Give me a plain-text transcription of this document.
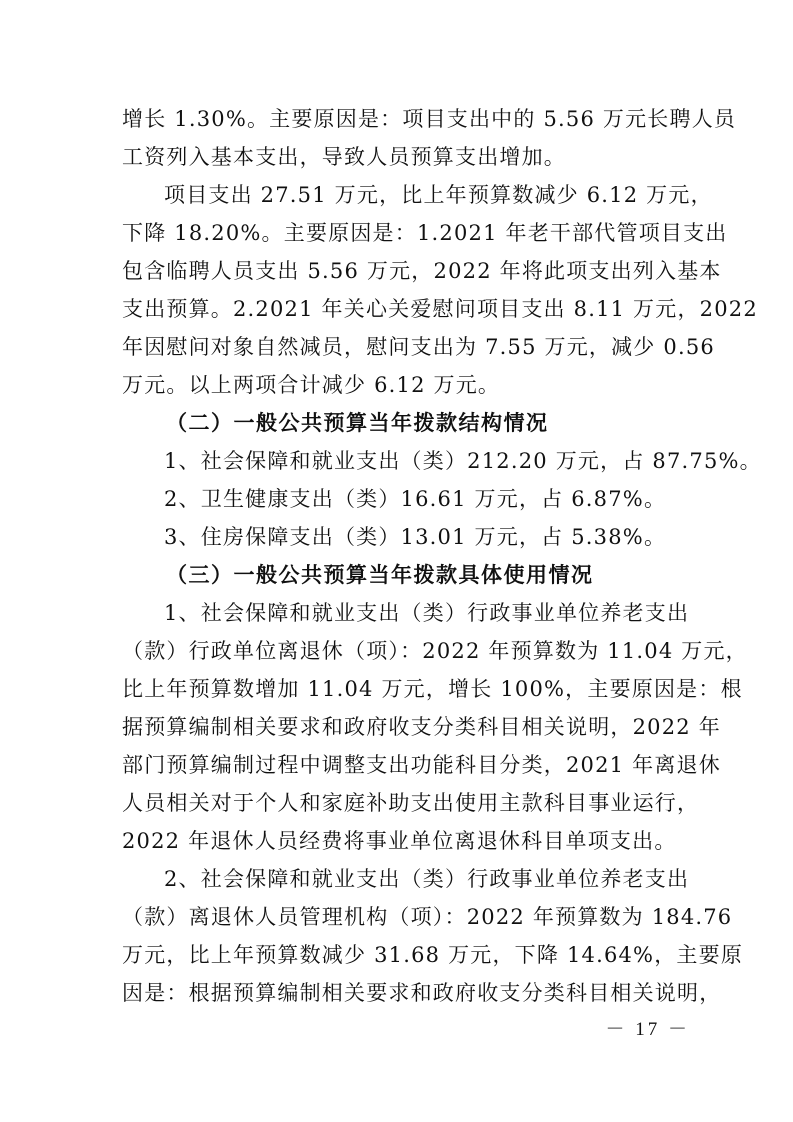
增长 1.30%。主要原因是：项目支出中的 5.56 万元长聘人员
工资列入基本支出，导致人员预算支出增加。
项目支出 27.51 万元，比上年预算数减少 6.12 万元，
下降 18.20%。主要原因是：1.2021 年老干部代管项目支出
包含临聘人员支出 5.56 万元，2022 年将此项支出列入基本
支出预算。2.2021 年关心关爱慰问项目支出 8.11 万元，2022
年因慰问对象自然减员，慰问支出为 7.55 万元，减少 0.56
万元。以上两项合计减少 6.12 万元。
（二）一般公共预算当年拨款结构情况
1、社会保障和就业支出（类）212.20 万元，占 87.75%。
2、卫生健康支出（类）16.61 万元，占 6.87%。
3、住房保障支出（类）13.01 万元，占 5.38%。
（三）一般公共预算当年拨款具体使用情况
1、社会保障和就业支出（类）行政事业单位养老支出
（款）行政单位离退休（项）：2022 年预算数为 11.04 万元，
比上年预算数增加 11.04 万元，增长 100%，主要原因是：根
据预算编制相关要求和政府收支分类科目相关说明，2022 年
部门预算编制过程中调整支出功能科目分类，2021 年离退休
人员相关对于个人和家庭补助支出使用主款科目事业运行，
2022 年退休人员经费将事业单位离退休科目单项支出。
2、社会保障和就业支出（类）行政事业单位养老支出
（款）离退休人员管理机构（项）：2022 年预算数为 184.76
万元，比上年预算数减少 31.68 万元，下降 14.64%，主要原
因是：根据预算编制相关要求和政府收支分类科目相关说明，
－ 17 －
